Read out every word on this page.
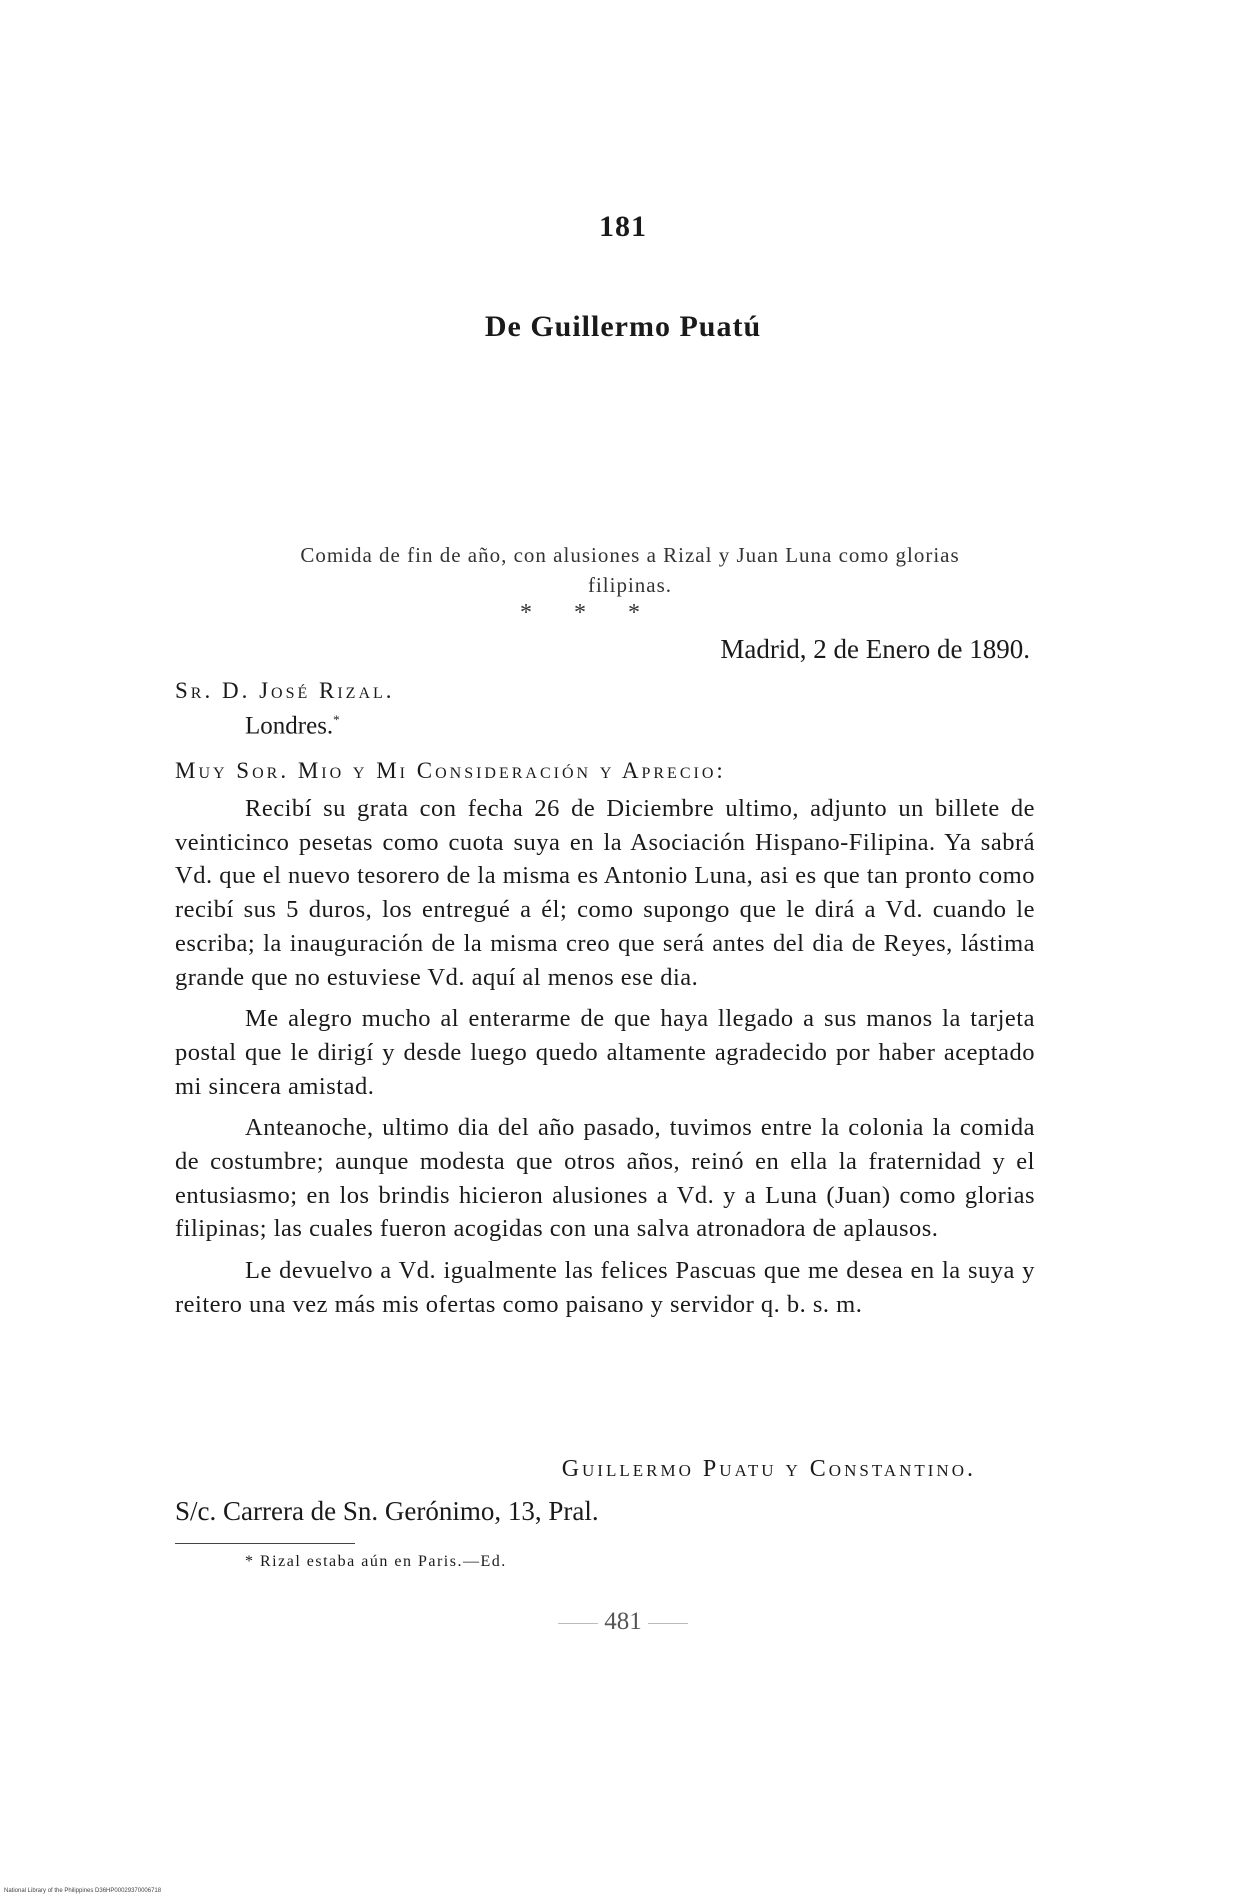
181
De Guillermo Puatú
Comida de fin de año, con alusiones a Rizal y Juan Luna como glorias filipinas.
* * *
Madrid, 2 de Enero de 1890.
Sr. D. José Rizal.
Londres.*
Muy Sor. Mio y Mi Consideración y Aprecio:

Recibí su grata con fecha 26 de Diciembre ultimo, adjunto un billete de veinticinco pesetas como cuota suya en la Asociación Hispano-Filipina. Ya sabrá Vd. que el nuevo tesorero de la misma es Antonio Luna, asi es que tan pronto como recibí sus 5 duros, los entregué a él; como supongo que le dirá a Vd. cuando le escriba; la inauguración de la misma creo que será antes del dia de Reyes, lástima grande que no estuviese Vd. aquí al menos ese dia.

Me alegro mucho al enterarme de que haya llegado a sus manos la tarjeta postal que le dirigí y desde luego quedo altamente agradecido por haber aceptado mi sincera amistad.

Anteanoche, ultimo dia del año pasado, tuvimos entre la colonia la comida de costumbre; aunque modesta que otros años, reinó en ella la fraternidad y el entusiasmo; en los brindis hicieron alusiones a Vd. y a Luna (Juan) como glorias filipinas; las cuales fueron acogidas con una salva atronadora de aplausos.

Le devuelvo a Vd. igualmente las felices Pascuas que me desea en la suya y reitero una vez más mis ofertas como paisano y servidor q. b. s. m.

Guillermo Puatu y Constantino.
S/c. Carrera de Sn. Gerónimo, 13, Pral.
* Rizal estaba aún en Paris.—Ed.
481
National Library of the Philippines D36HP00029370006718
